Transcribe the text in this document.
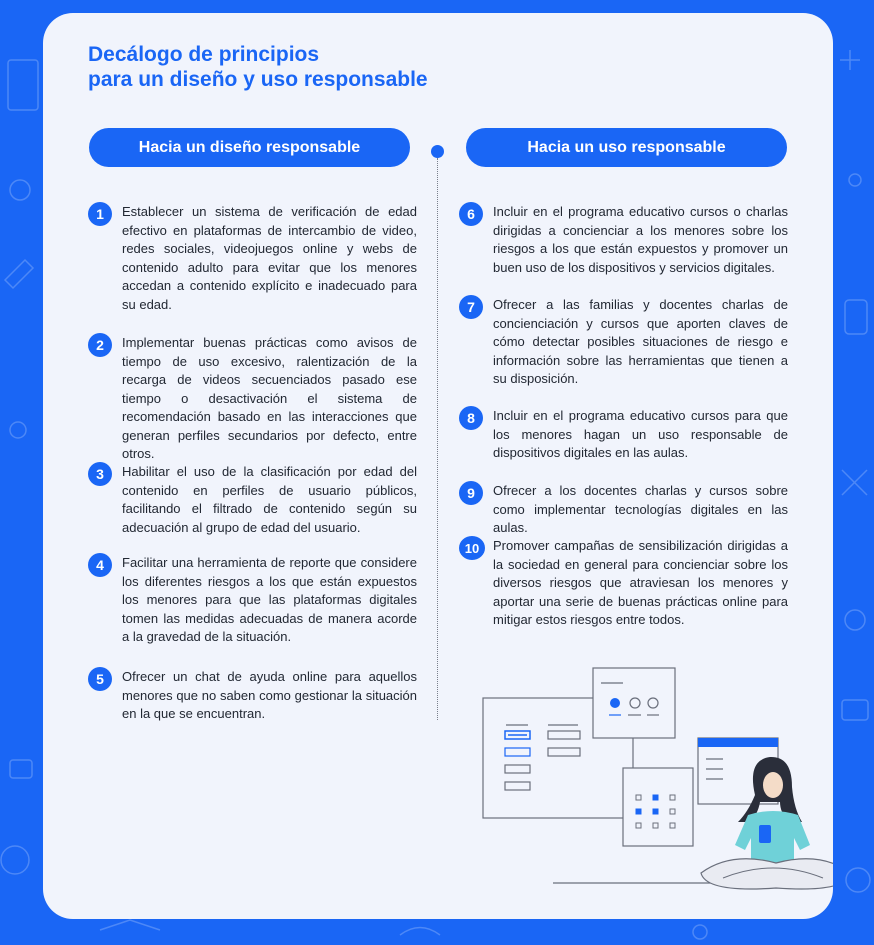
Decálogo de principios
para un diseño y uso responsable
Hacia un diseño responsable	Hacia un uso responsable
1	Establecer un sistema de verificación de edad efectivo en plataformas de intercambio de video, redes sociales, videojuegos online y webs de contenido adulto para evitar que los menores accedan a contenido explícito e inadecuado para su edad.
2	Implementar buenas prácticas como avisos de tiempo de uso excesivo, ralentización de la recarga de videos secuenciados pasado ese tiempo o desactivación el sistema de recomendación basado en las interacciones que generan perfiles secundarios por defecto, entre otros.
3	Habilitar el uso de la clasificación por edad del contenido en perfiles de usuario públicos, facilitando el filtrado de contenido según su adecuación al grupo de edad del usuario.
4	Facilitar una herramienta de reporte que considere los diferentes riesgos a los que están expuestos los menores para que las plataformas digitales tomen las medidas adecuadas de manera acorde a la gravedad de la situación.
5	Ofrecer un chat de ayuda online para aquellos menores que no saben como gestionar la situación en la que se encuentran.
6	Incluir en el programa educativo cursos o charlas dirigidas a concienciar a los menores sobre los riesgos a los que están expuestos y promover un buen uso de los dispositivos y servicios digitales.
7	Ofrecer a las familias y docentes charlas de concienciación y cursos que aporten claves de cómo detectar posibles situaciones de riesgo e información sobre las herramientas que tienen a su disposición.
8	Incluir en el programa educativo cursos para que los menores hagan un uso responsable de dispositivos digitales en las aulas.
9	Ofrecer a los docentes charlas y cursos sobre como implementar tecnologías digitales en las aulas.
10	Promover campañas de sensibilización dirigidas a la sociedad en general para concienciar sobre los diversos riesgos que atraviesan los menores y aportar una serie de buenas prácticas online para mitigar estos riesgos entre todos.
